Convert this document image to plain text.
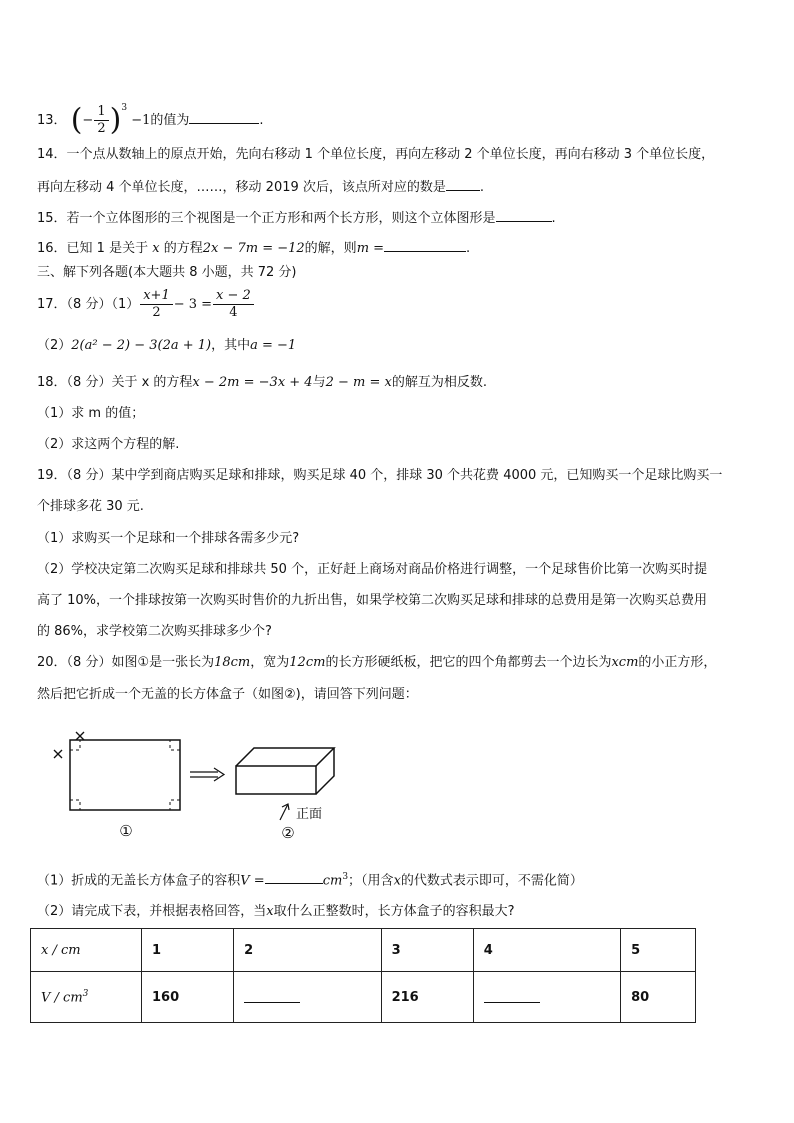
13． (− $\frac{1}{2} )^3 -1$的值为	.
14．一个点从数轴上的原点开始，先向右移动 1 个单位长度，再向左移动 2 个单位长度，再向右移动 3 个单位长度，
再向左移动 4 个单位长度，……，移动 2019 次后，该点所对应的数是	.
15．若一个立体图形的三个视图是一个正方形和两个长方形，则这个立体图形是	.
16．已知 1 是关于 x 的方程2x − 7m = −12的解，则m =	.
三、解下列各题(本大题共 8 小题，共 72 分)
17．（8 分）$(1) \frac{x+1}{2} - 3 = \frac{x - 2}{4}$
（2）2(a² − 2) − 3(2a + 1)，其中a = −1
18．（8 分）关于 x 的方程x − 2m = −3x + 4与2 − m = x的解互为相反数.
（1）求 m 的值；
（2）求这两个方程的解.
19．（8 分）某中学到商店购买足球和排球，购买足球 40 个，排球 30 个共花费 4000 元，已知购买一个足球比购买一
个排球多花 30 元.
（1）求购买一个足球和一个排球各需多少元?
（2）学校决定第二次购买足球和排球共 50 个，正好赶上商场对商品价格进行调整，一个足球售价比第一次购买时提
高了 10%，一个排球按第一次购买时售价的九折出售，如果学校第二次购买足球和排球的总费用是第一次购买总费用
的 86%，求学校第二次购买排球多少个?
20．（8 分）如图①是一张长为18cm，宽为12cm的长方形硬纸板，把它的四个角都剪去一个边长为xcm的小正方形，
然后把它折成一个无盖的长方体盒子（如图②)，请回答下列问题：
正面
①	②
（1）折成的无盖长方体盒子的容积V =	$cm^3$；（用含x的代数式表示即可，不需化简）
（2）请完成下表，并根据表格回答，当x取什么正整数时，长方体盒子的容积最大?
x / cm	1	2	3	4	5
V / $cm^3$	160		216		80
